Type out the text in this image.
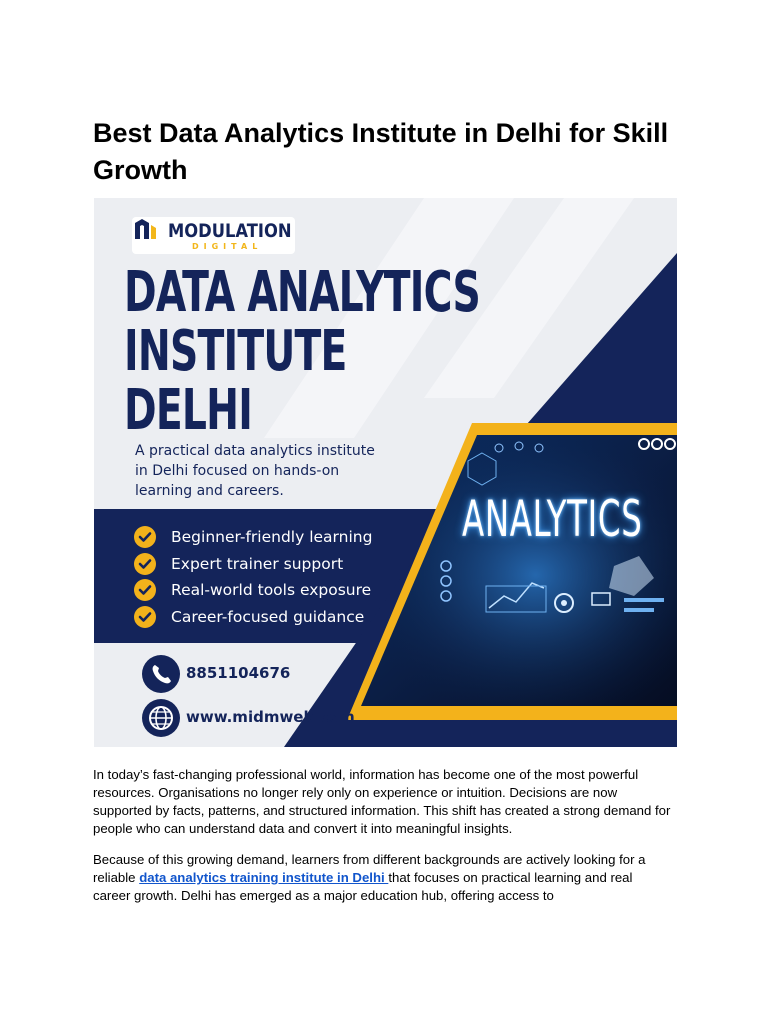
Best Data Analytics Institute in Delhi for Skill Growth
MODULATION
DIGITAL
DATA ANALYTICS
INSTITUTE
DELHI
A practical data analytics institute in Delhi focused on hands-on learning and careers.
Beginner-friendly learning
Expert trainer support
Real-world tools exposure
Career-focused guidance
8851104676
www.midmweb.com
ANALYTICS

In today’s fast-changing professional world, information has become one of the most powerful resources. Organisations no longer rely only on experience or intuition. Decisions are now supported by facts, patterns, and structured information. This shift has created a strong demand for people who can understand data and convert it into meaningful insights.

Because of this growing demand, learners from different backgrounds are actively looking for a reliable data analytics training institute in Delhi that focuses on practical learning and real career growth. Delhi has emerged as a major education hub, offering access to
